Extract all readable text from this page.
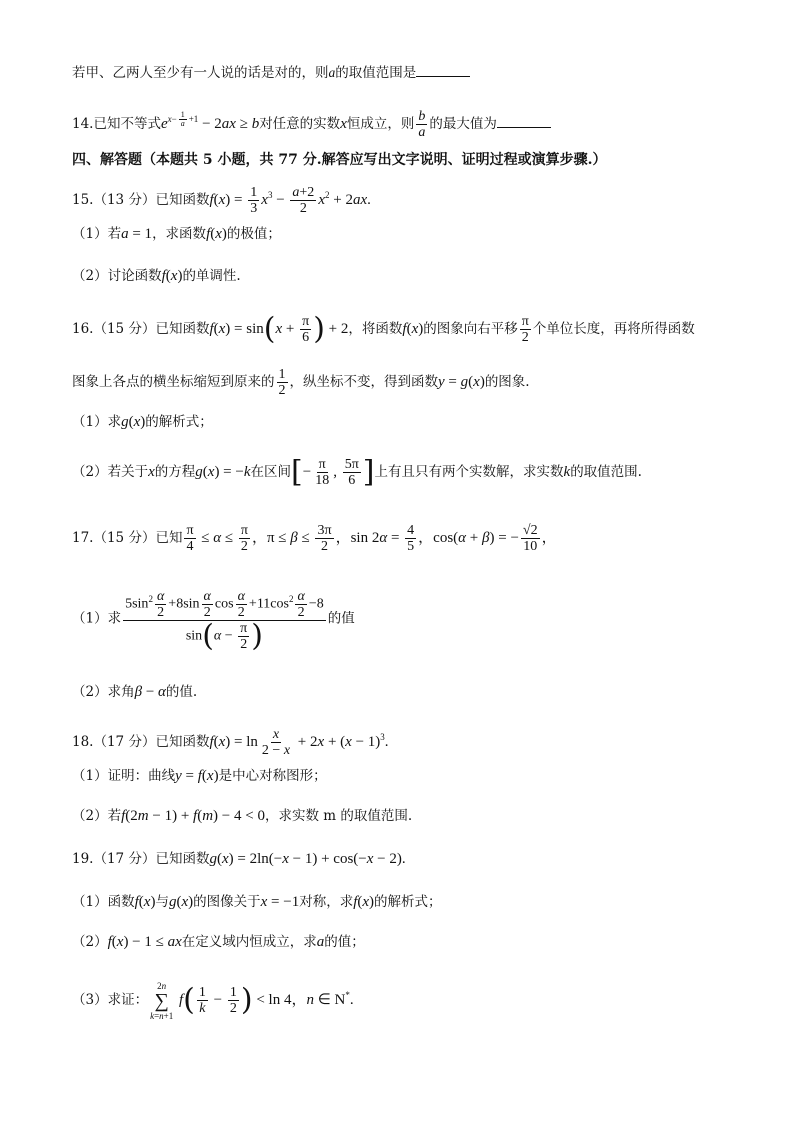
若甲、乙两人至少有一人说的话是对的，则a的取值范围是
14.已知不等式$e^{x- \frac{1}{a} +1} - 2ax \ge b$对任意的实数x恒成立，则 $\frac{b}{a}$ 的最大值为
四、解答题（本题共 5 小题，共 77 分.解答应写出文字说明、证明过程或演算步骤.）
15.（13 分）已知函数$f(x) = \frac{1}{3} x^3 - \frac{a+2}{2} x^2 + 2ax$.
（1）若a = 1，求函数f(x)的极值；
（2）讨论函数f(x)的单调性.
16.（15 分）已知函数$f(x) = \sin(x + \frac{\pi}{6}$ ) + 2，将函数f(x)的图象向右平移 $\frac{\pi}{2}$ 个单位长度，再将所得函数
图象上各点的横坐标缩短到原来的 $\frac{1}{2}$ ，纵坐标不变，得到函数y = g(x)的图象.
（1）求g(x)的解析式；
（2）若关于x的方程g(x) = −k在区间[− $\frac{\pi}{18}$ , $\frac{5\pi}{6}$ ]上有且只有两个实数解，求实数k的取值范围.
17.（15 分）已知 $\frac{\pi}{4} \le \alpha \le \frac{\pi}{2}$ ，$\pi \le \beta \le \frac{3\pi}{2}$ ，$\sin 2\alpha = \frac{4}{5}$ ，cos(α + β) = − $\frac{√2}{10}$ ，
（1）求 $\frac{5\sin^2 \frac{\alpha}{2} +8\sin \frac{\alpha}{2} \cos \frac{\alpha}{2} +11\cos^2 \frac{\alpha}{2} -8}{\sin(\alpha - \frac{\pi}{2} )}$ 的值
（2）求角β − α的值.
18.（17 分）已知函数$f(x) = \ln \frac{x}{2 - x} + 2x + (x - 1)^3$.
（1）证明：曲线y = f(x)是中心对称图形；
（2）若f(2m − 1) + f(m) − 4 < 0，求实数 m 的取值范围.
19.（17 分）已知函数g(x) = 2ln(−x − 1) + cos(−x − 2).
（1）函数f(x)与g(x)的图像关于x = −1对称，求f(x)的解析式；
（2）f(x) − 1 ≤ ax在定义域内恒成立，求a的值；
（3）求证：
2n
∑
k=n+1
$f( \frac{1}{k} - \frac{1}{2}$ ) < ln 4，n ∈ N*.
